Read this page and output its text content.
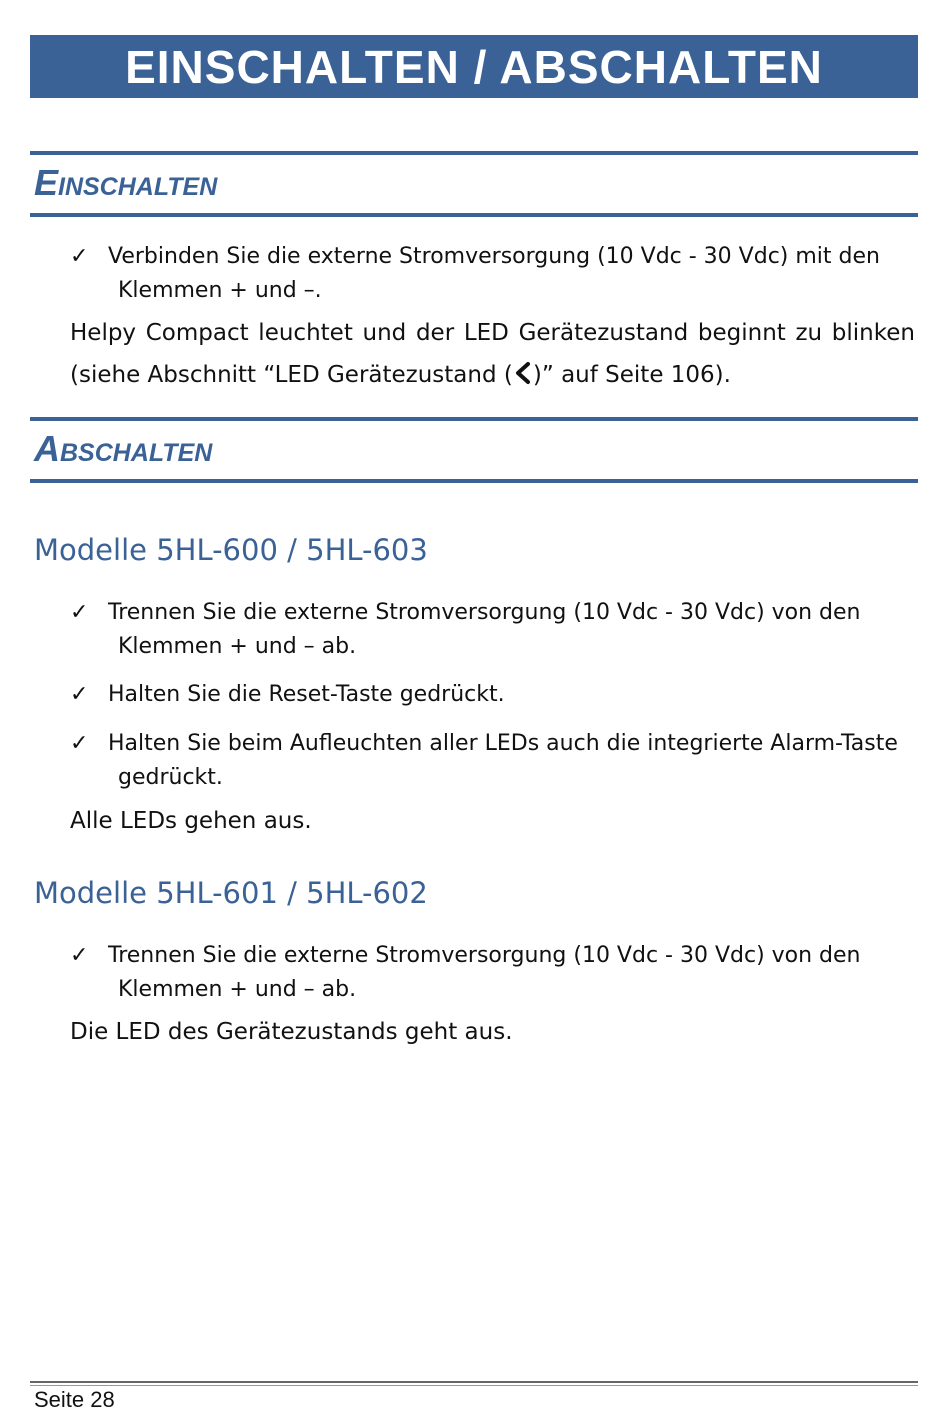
EINSCHALTEN / ABSCHALTEN
Einschalten
✓ Verbinden Sie die externe Stromversorgung (10 Vdc - 30 Vdc) mit den
Klemmen + und –.
Helpy Compact leuchtet und der LED Gerätezustand beginnt zu blinken (siehe Abschnitt “LED Gerätezustand ( )” auf Seite 106).
Abschalten
Modelle 5HL-600 / 5HL-603
✓ Trennen Sie die externe Stromversorgung (10 Vdc - 30 Vdc) von den
Klemmen + und – ab.
✓ Halten Sie die Reset-Taste gedrückt.
✓ Halten Sie beim Aufleuchten aller LEDs auch die integrierte Alarm-Taste
gedrückt.
Alle LEDs gehen aus.
Modelle 5HL-601 / 5HL-602
✓ Trennen Sie die externe Stromversorgung (10 Vdc - 30 Vdc) von den
Klemmen + und – ab.
Die LED des Gerätezustands geht aus.
Seite 28
